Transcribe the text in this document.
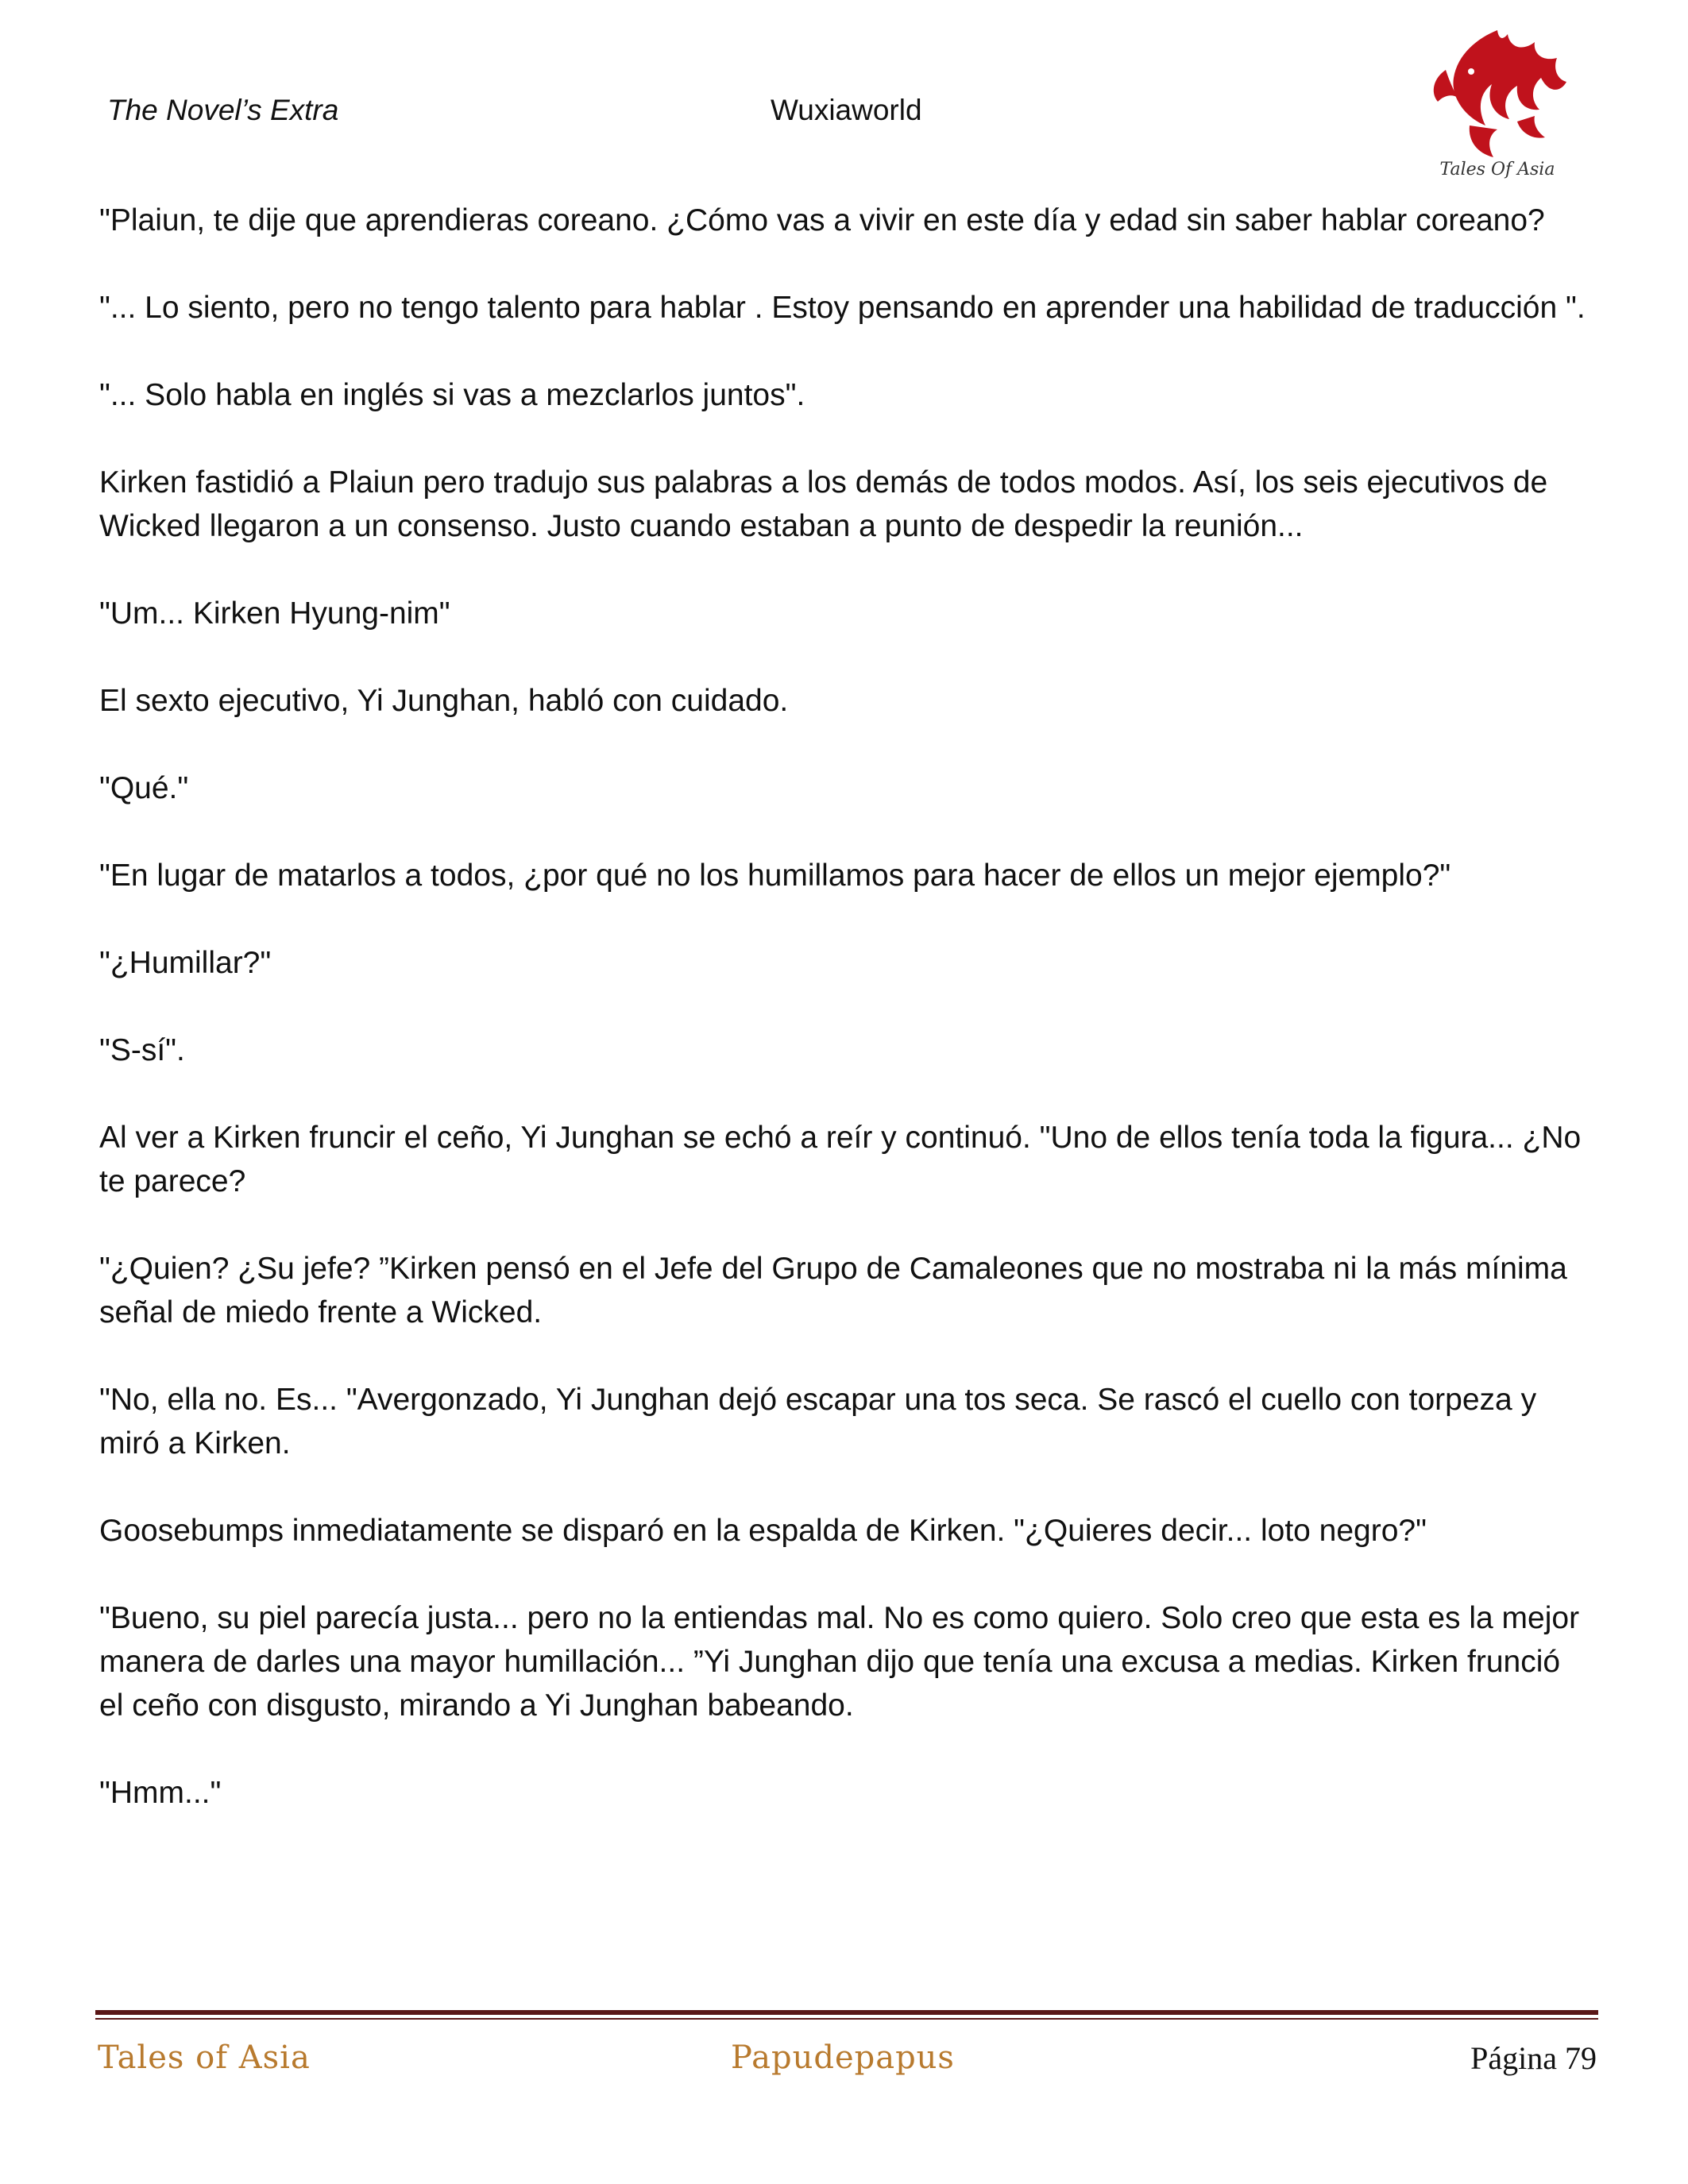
The Novel’s Extra	Wuxiaworld
Tales Of Asia

"Plaiun, te dije que aprendieras coreano. ¿Cómo vas a vivir en este día y edad sin saber hablar coreano?

"... Lo siento, pero no tengo talento para hablar . Estoy pensando en aprender una habilidad de traducción ".

"... Solo habla en inglés si vas a mezclarlos juntos".

Kirken fastidió a Plaiun pero tradujo sus palabras a los demás de todos modos. Así, los seis ejecutivos de Wicked llegaron a un consenso. Justo cuando estaban a punto de despedir la reunión...

"Um... Kirken Hyung-nim"

El sexto ejecutivo, Yi Junghan, habló con cuidado.

"Qué."

"En lugar de matarlos a todos, ¿por qué no los humillamos para hacer de ellos un mejor ejemplo?"

"¿Humillar?"

"S-sí".

Al ver a Kirken fruncir el ceño, Yi Junghan se echó a reír y continuó. "Uno de ellos tenía toda la figura... ¿No te parece?

"¿Quien? ¿Su jefe? ”Kirken pensó en el Jefe del Grupo de Camaleones que no mostraba ni la más mínima señal de miedo frente a Wicked.

"No, ella no. Es... "Avergonzado, Yi Junghan dejó escapar una tos seca. Se rascó el cuello con torpeza y miró a Kirken.

Goosebumps inmediatamente se disparó en la espalda de Kirken. "¿Quieres decir... loto negro?"

"Bueno, su piel parecía justa... pero no la entiendas mal. No es como quiero. Solo creo que esta es la mejor manera de darles una mayor humillación... ”Yi Junghan dijo que tenía una excusa a medias. Kirken frunció el ceño con disgusto, mirando a Yi Junghan babeando.

"Hmm..."

Tales of Asia	Papudepapus	Página 79
